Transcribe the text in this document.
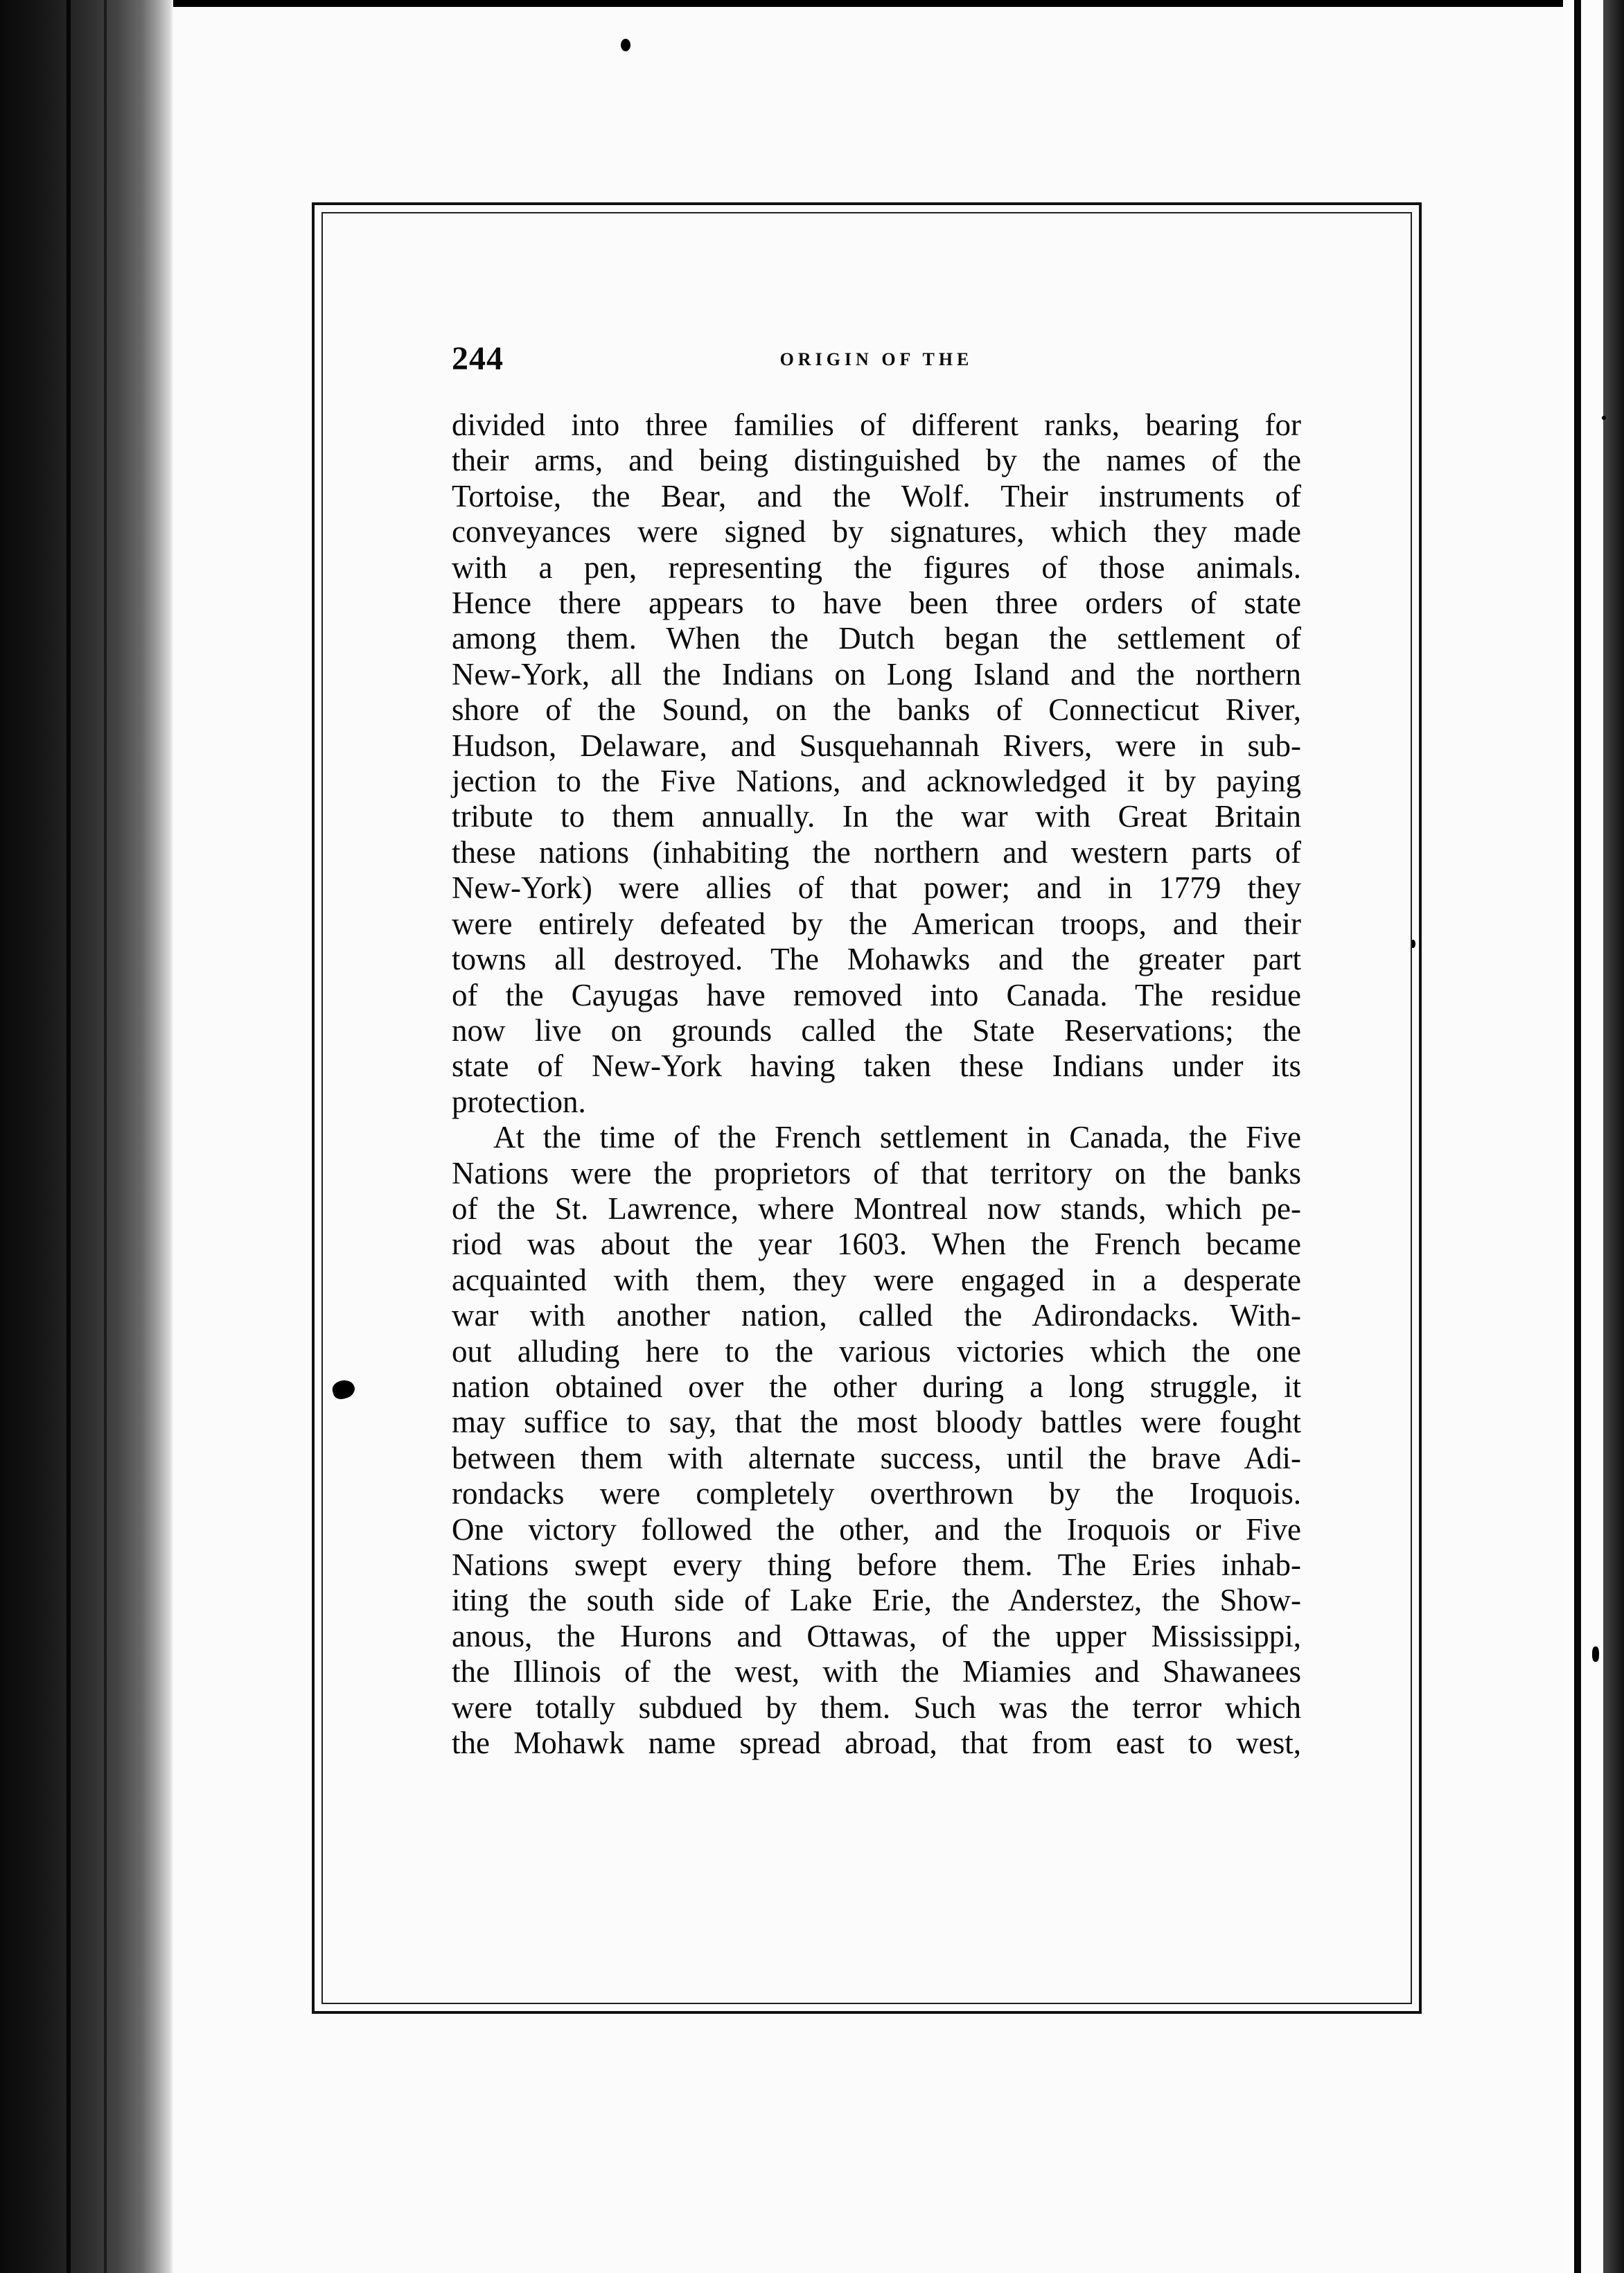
244	ORIGIN OF THE

divided into three families of different ranks, bearing for

their arms, and being distinguished by the names of the

Tortoise, the Bear, and the Wolf. Their instruments of

conveyances were signed by signatures, which they made

with a pen, representing the figures of those animals.

Hence there appears to have been three orders of state

among them. When the Dutch began the settlement of

New-York, all the Indians on Long Island and the northern

shore of the Sound, on the banks of Connecticut River,

Hudson, Delaware, and Susquehannah Rivers, were in sub-

jection to the Five Nations, and acknowledged it by paying

tribute to them annually. In the war with Great Britain

these nations (inhabiting the northern and western parts of

New-York) were allies of that power; and in 1779 they

were entirely defeated by the American troops, and their

towns all destroyed. The Mohawks and the greater part

of the Cayugas have removed into Canada. The residue

now live on grounds called the State Reservations; the

state of New-York having taken these Indians under its

protection.

At the time of the French settlement in Canada, the Five

Nations were the proprietors of that territory on the banks

of the St. Lawrence, where Montreal now stands, which pe-

riod was about the year 1603. When the French became

acquainted with them, they were engaged in a desperate

war with another nation, called the Adirondacks. With-

out alluding here to the various victories which the one

nation obtained over the other during a long struggle, it

may suffice to say, that the most bloody battles were fought

between them with alternate success, until the brave Adi-

rondacks were completely overthrown by the Iroquois.

One victory followed the other, and the Iroquois or Five

Nations swept every thing before them. The Eries inhab-

iting the south side of Lake Erie, the Anderstez, the Show-

anous, the Hurons and Ottawas, of the upper Mississippi,

the Illinois of the west, with the Miamies and Shawanees

were totally subdued by them. Such was the terror which

the Mohawk name spread abroad, that from east to west,
